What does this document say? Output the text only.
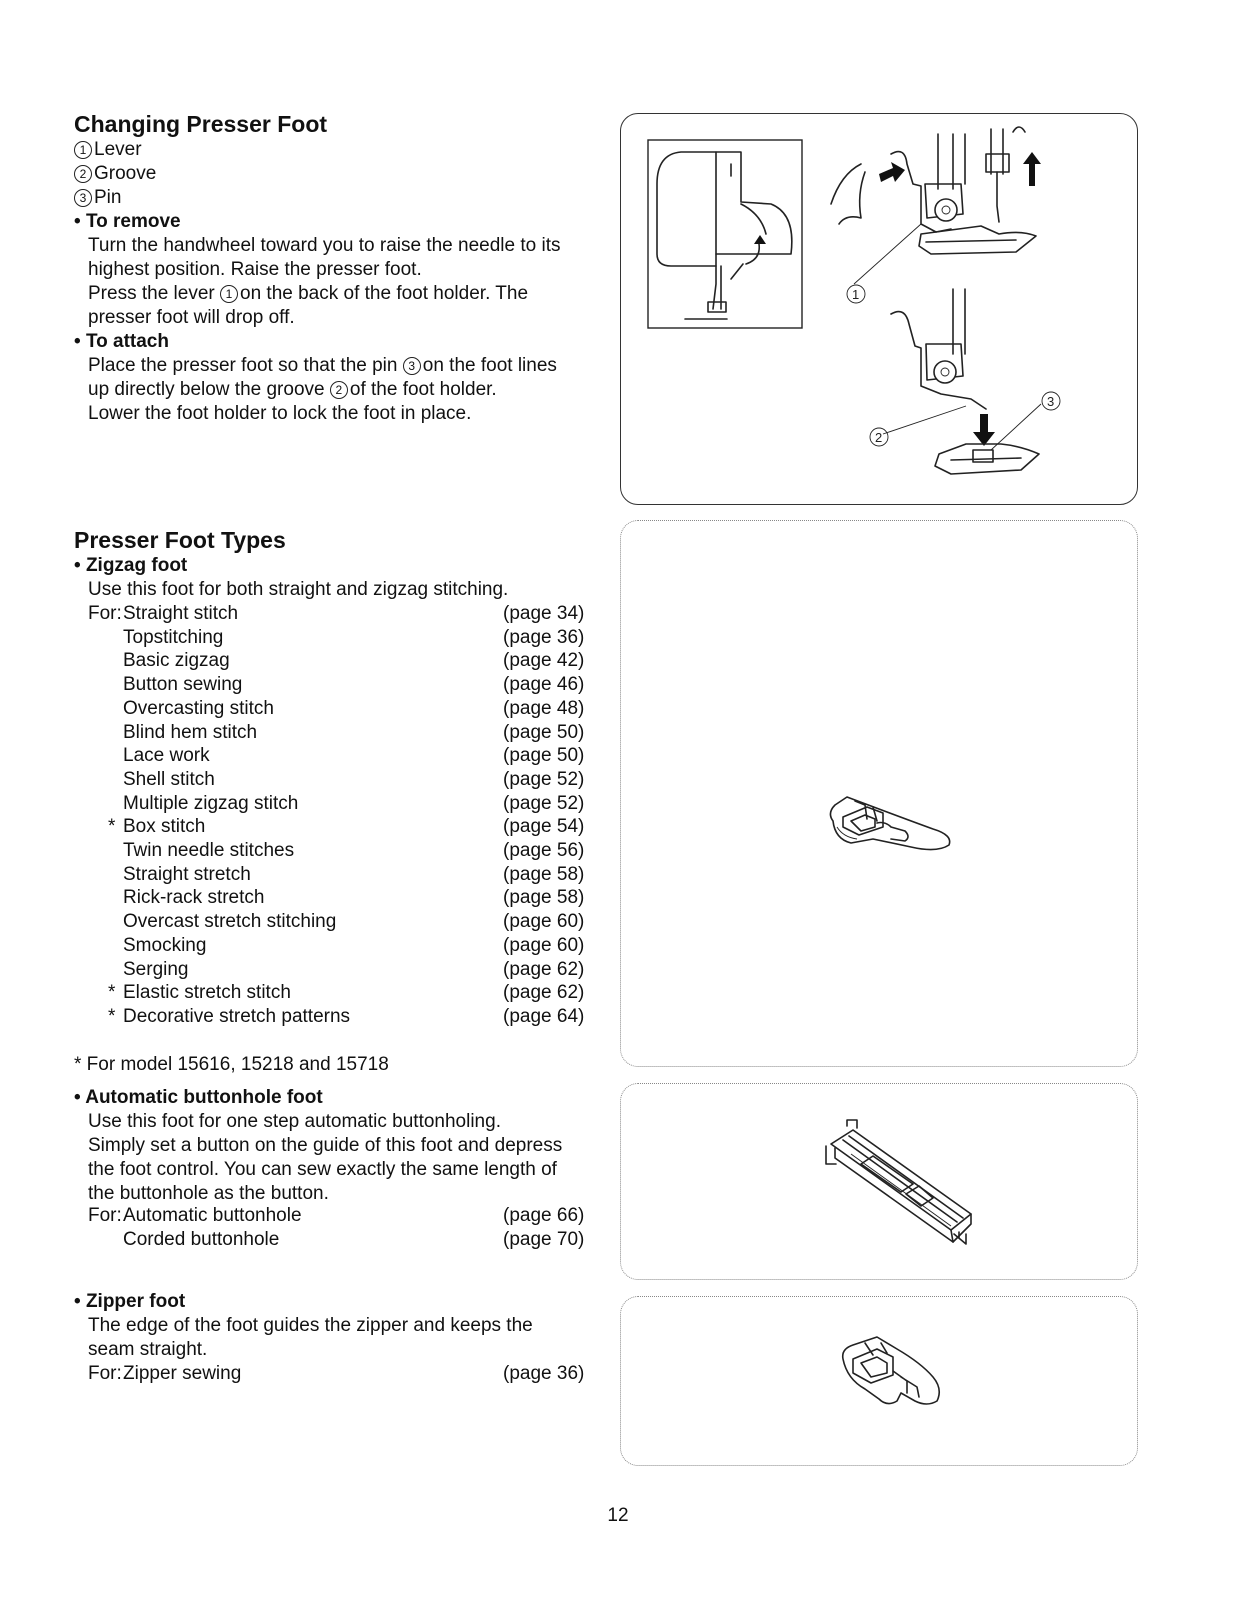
Changing Presser Foot
1 Lever
2 Groove
3 Pin
• To remove
Turn the handwheel toward you to raise the needle to its
highest position. Raise the presser foot.
Press the lever 1 on the back of the foot holder. The
presser foot will drop off.
• To attach
Place the presser foot so that the pin 3 on the foot lines
up directly below the groove 2 of the foot holder.
Lower the foot holder to lock the foot in place.
1
2
3
Presser Foot Types
• Zigzag foot
Use this foot for both straight and zigzag stitching.
For: Straight stitch	(page 34)
Topstitching	(page 36)
Basic zigzag	(page 42)
Button sewing	(page 46)
Overcasting stitch	(page 48)
Blind hem stitch	(page 50)
Lace work	(page 50)
Shell stitch	(page 52)
Multiple zigzag stitch	(page 52)
* Box stitch	(page 54)
Twin needle stitches	(page 56)
Straight stretch	(page 58)
Rick-rack stretch	(page 58)
Overcast stretch stitching	(page 60)
Smocking	(page 60)
Serging	(page 62)
* Elastic stretch stitch	(page 62)
* Decorative stretch patterns	(page 64)
* For model 15616, 15218 and 15718
• Automatic buttonhole foot
Use this foot for one step automatic buttonholing.
Simply set a button on the guide of this foot and depress
the foot control. You can sew exactly the same length of
the buttonhole as the button.
For: Automatic buttonhole	(page 66)
Corded buttonhole	(page 70)
• Zipper foot
The edge of the foot guides the zipper and keeps the
seam straight.
For: Zipper sewing	(page 36)
12
